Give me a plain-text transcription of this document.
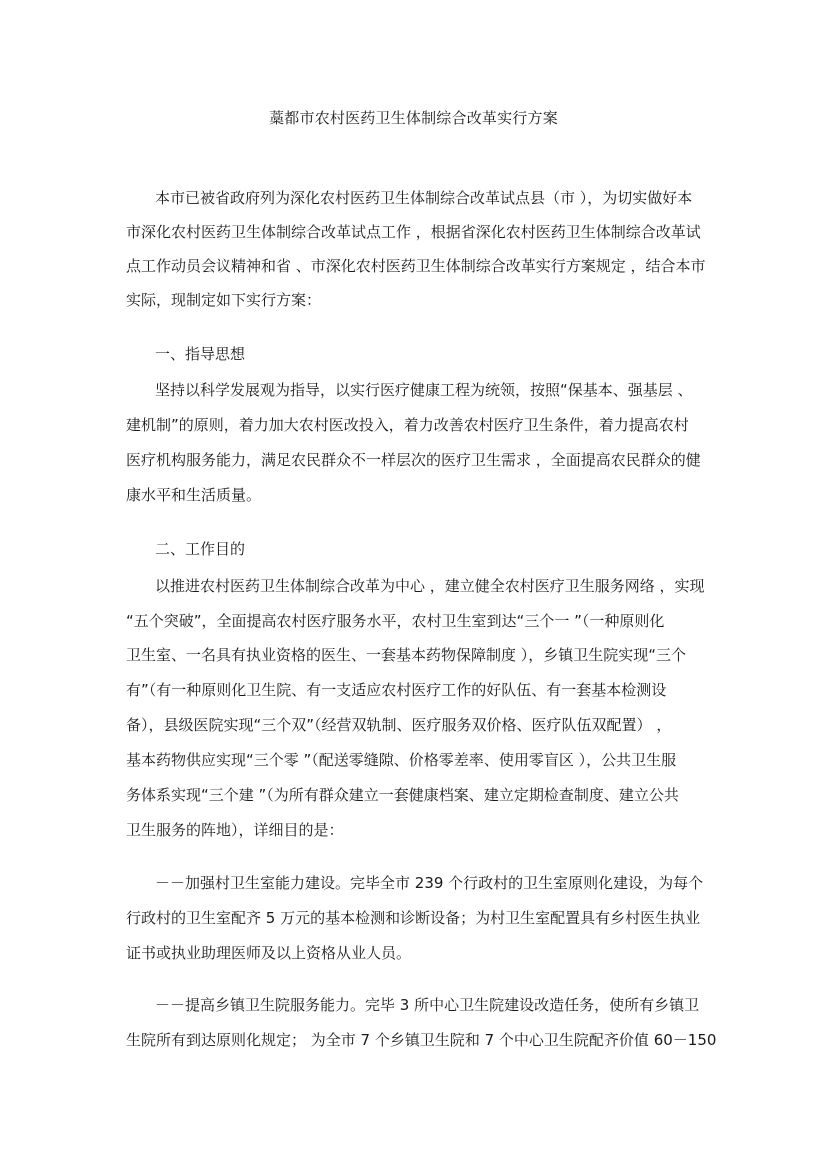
藁都市农村医药卫生体制综合改革实行方案
本市已被省政府列为深化农村医药卫生体制综合改革试点县（市 ），为切实做好本
市深化农村医药卫生体制综合改革试点工作 ，根据省深化农村医药卫生体制综合改革试
点工作动员会议精神和省 、市深化农村医药卫生体制综合改革实行方案规定 ，结合本市
实际，现制定如下实行方案：
一、指导思想
坚持以科学发展观为指导，以实行医疗健康工程为统领，按照“保基本、强基层 、
建机制”的原则，着力加大农村医改投入，着力改善农村医疗卫生条件，着力提高农村
医疗机构服务能力，满足农民群众不一样层次的医疗卫生需求 ，全面提高农民群众的健
康水平和生活质量。
二、工作目的
以推进农村医药卫生体制综合改革为中心 ，建立健全农村医疗卫生服务网络 ，实现
“五个突破”，全面提高农村医疗服务水平，农村卫生室到达“三个一 ”（一种原则化
卫生室、一名具有执业资格的医生、一套基本药物保障制度 ），乡镇卫生院实现“三个
有”（有一种原则化卫生院、有一支适应农村医疗工作的好队伍、有一套基本检测设
备），县级医院实现“三个双”（经营双轨制、医疗服务双价格、医疗队伍双配置） ，
基本药物供应实现“三个零 ”（配送零缝隙、价格零差率、使用零盲区 ），公共卫生服
务体系实现“三个建 ”（为所有群众建立一套健康档案、建立定期检查制度、建立公共
卫生服务的阵地），详细目的是：
－－加强村卫生室能力建设。完毕全市 239 个行政村的卫生室原则化建设，为每个
行政村的卫生室配齐 5 万元的基本检测和诊断设备；为村卫生室配置具有乡村医生执业
证书或执业助理医师及以上资格从业人员。
－－提高乡镇卫生院服务能力。完毕 3 所中心卫生院建设改造任务，使所有乡镇卫
生院所有到达原则化规定； 为全市 7 个乡镇卫生院和 7 个中心卫生院配齐价值 60－150
